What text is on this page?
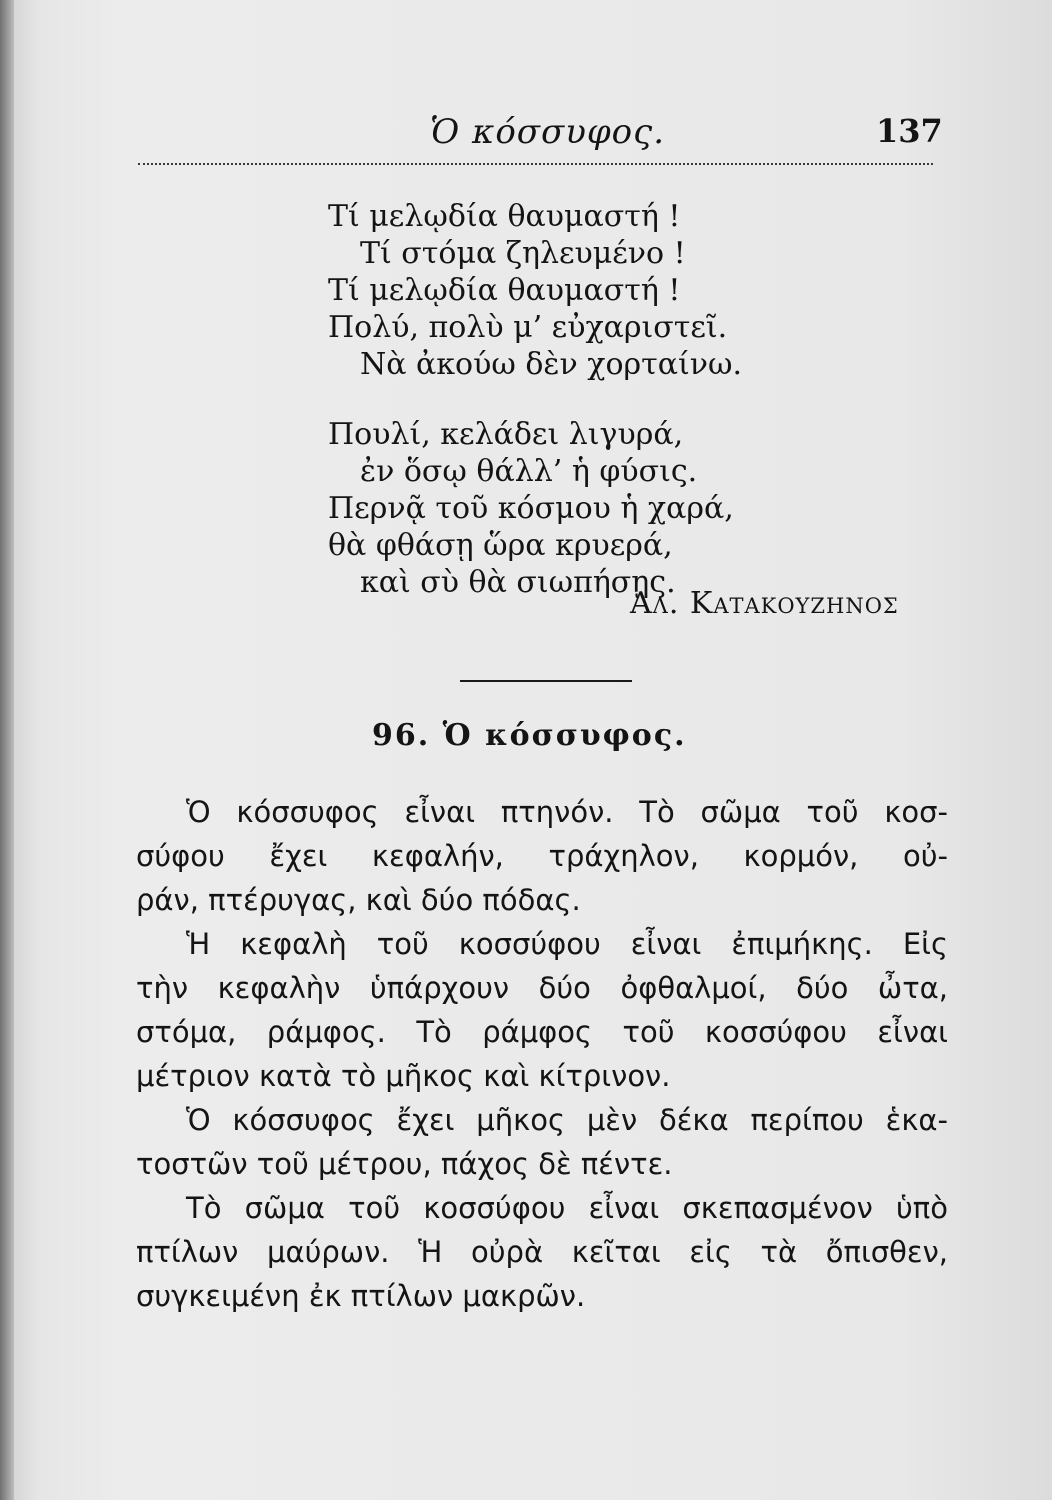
Ὁ κόσσυφος.	137
Τί μελῳδία θαυμαστή !
Τί στόμα ζηλευμένο !
Τί μελῳδία θαυμαστή !
Πολύ, πολὺ μ’ εὐχαριστεῖ.
Νὰ ἀκούω δὲν χορταίνω.
Πουλί, κελάδει λιγυρά,
ἐν ὅσῳ θάλλ’ ἡ φύσις.
Περνᾷ τοῦ κόσμου ἡ χαρά,
θὰ φθάσῃ ὥρα κρυερά,
καὶ σὺ θὰ σιωπήσῃς.
Αλ. Κατακουζηνος
96. Ὁ κόσσυφος.
Ὁ κόσσυφος εἶναι πτηνόν. Τὸ σῶμα τοῦ κοσ-
σύφου ἔχει κεφαλήν, τράχηλον, κορμόν, οὐ-
ράν, πτέρυγας, καὶ δύο πόδας.
Ἡ κεφαλὴ τοῦ κοσσύφου εἶναι ἐπιμήκης. Εἰς
τὴν κεφαλὴν ὑπάρχουν δύο ὀφθαλμοί, δύο ὦτα,
στόμα, ράμφος. Τὸ ράμφος τοῦ κοσσύφου εἶναι
μέτριον κατὰ τὸ μῆκος καὶ κίτρινον.
Ὁ κόσσυφος ἔχει μῆκος μὲν δέκα περίπου ἑκα-
τοστῶν τοῦ μέτρου, πάχος δὲ πέντε.
Τὸ σῶμα τοῦ κοσσύφου εἶναι σκεπασμένον ὑπὸ
πτίλων μαύρων. Ἡ οὐρὰ κεῖται εἰς τὰ ὄπισθεν,
συγκειμένη ἐκ πτίλων μακρῶν.
